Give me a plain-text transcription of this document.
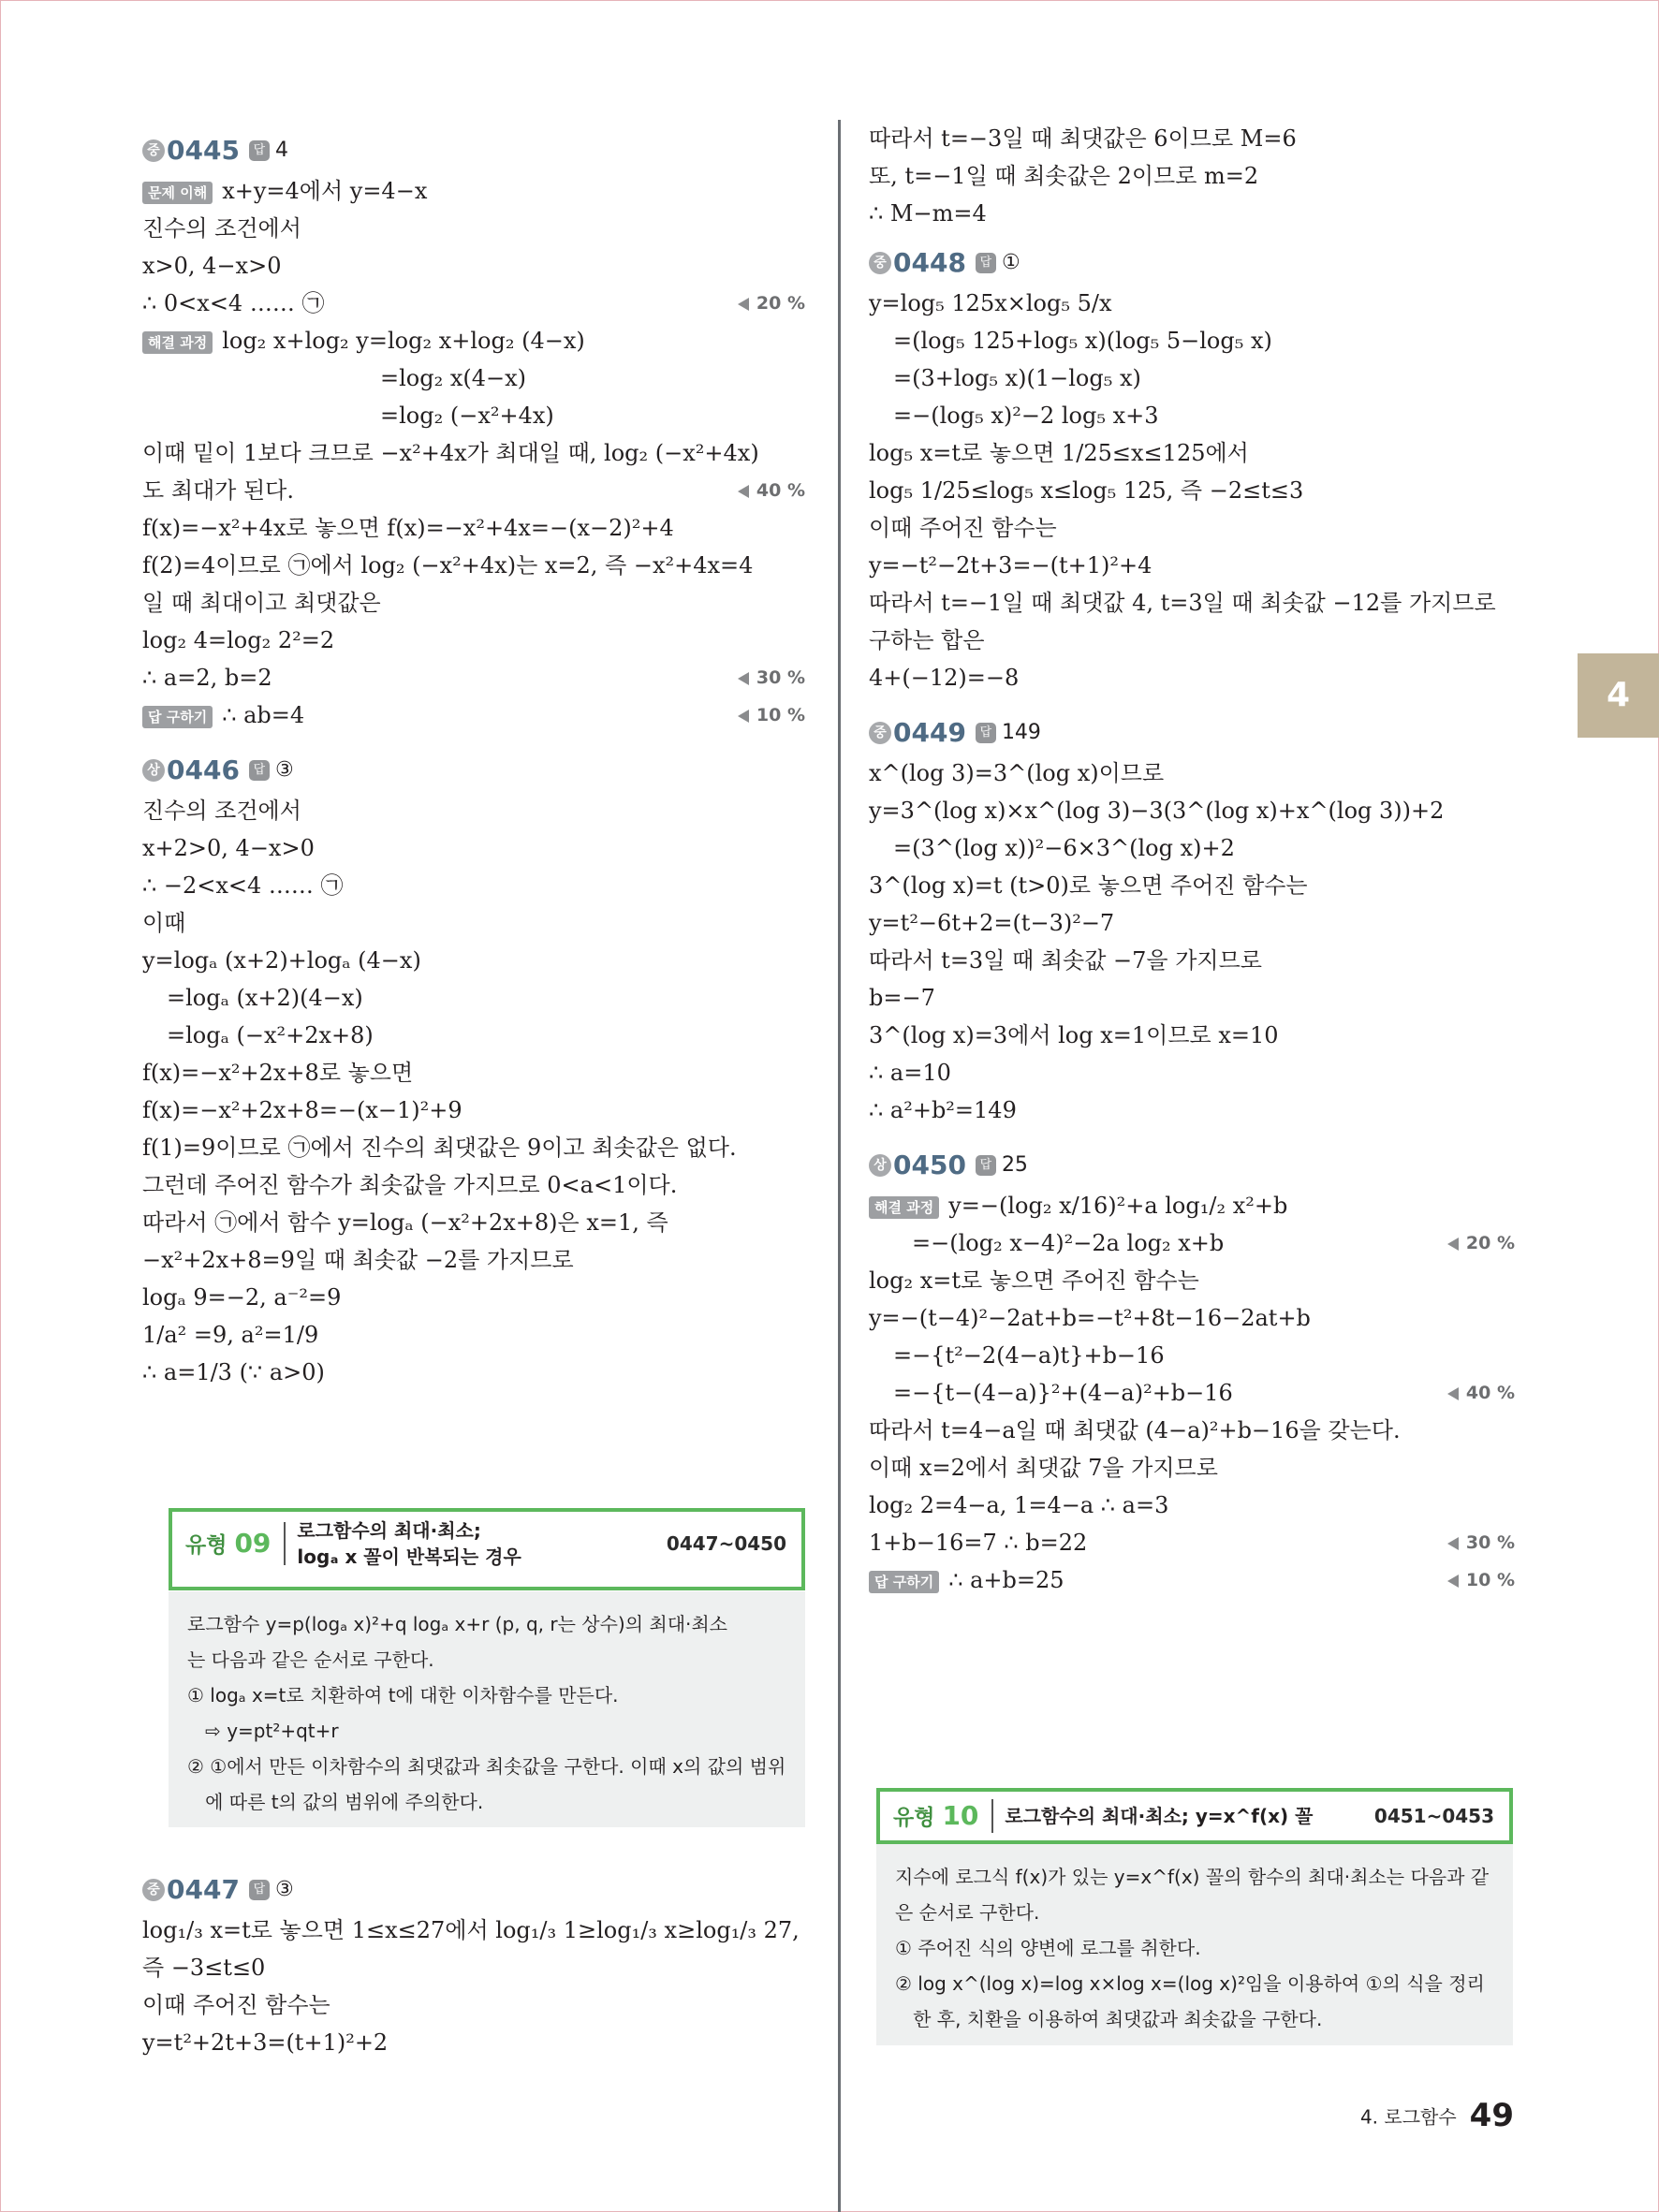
중 0445 답 4
문제 이해 x+y=4에서 y=4−x
진수의 조건에서
x>0, 4−x>0
∴ 0<x<4 …… ㉠	20 %
해결 과정 log₂ x+log₂ y=log₂ x+log₂ (4−x)
=log₂ x(4−x)
=log₂ (−x²+4x)
이때 밑이 1보다 크므로 −x²+4x가 최대일 때, log₂ (−x²+4x)
도 최대가 된다.	40 %
f(x)=−x²+4x로 놓으면 f(x)=−x²+4x=−(x−2)²+4
f(2)=4이므로 ㉠에서 log₂ (−x²+4x)는 x=2, 즉 −x²+4x=4
일 때 최대이고 최댓값은
log₂ 4=log₂ 2²=2
∴ a=2, b=2	30 %
답 구하기 ∴ ab=4	10 %
상 0446 답 ③
진수의 조건에서
x+2>0, 4−x>0
∴ −2<x<4 …… ㉠
이때
y=logₐ (x+2)+logₐ (4−x)
=logₐ (x+2)(4−x)
=logₐ (−x²+2x+8)
f(x)=−x²+2x+8로 놓으면
f(x)=−x²+2x+8=−(x−1)²+9
f(1)=9이므로 ㉠에서 진수의 최댓값은 9이고 최솟값은 없다.
그런데 주어진 함수가 최솟값을 가지므로 0<a<1이다.
따라서 ㉠에서 함수 y=logₐ (−x²+2x+8)은 x=1, 즉
−x²+2x+8=9일 때 최솟값 −2를 가지므로
logₐ 9=−2, a⁻²=9
1/a² =9, a²=1/9
∴ a=1/3 (∵ a>0)
유형 09	로그함수의 최대·최소;
logₐ x 꼴이 반복되는 경우
0447~0450
로그함수 y=p(logₐ x)²+q logₐ x+r (p, q, r는 상수)의 최대·최소
는 다음과 같은 순서로 구한다.
① logₐ x=t로 치환하여 t에 대한 이차함수를 만든다.
⇨ y=pt²+qt+r
② ①에서 만든 이차함수의 최댓값과 최솟값을 구한다. 이때 x의 값의 범위
에 따른 t의 값의 범위에 주의한다.
중 0447 답 ③
log₁/₃ x=t로 놓으면 1≤x≤27에서 log₁/₃ 1≥log₁/₃ x≥log₁/₃ 27,
즉 −3≤t≤0
이때 주어진 함수는
y=t²+2t+3=(t+1)²+2
따라서 t=−3일 때 최댓값은 6이므로 M=6
또, t=−1일 때 최솟값은 2이므로 m=2
∴ M−m=4
중 0448 답 ①
y=log₅ 125x×log₅ 5/x
=(log₅ 125+log₅ x)(log₅ 5−log₅ x)
=(3+log₅ x)(1−log₅ x)
=−(log₅ x)²−2 log₅ x+3
log₅ x=t로 놓으면 1/25≤x≤125에서
log₅ 1/25≤log₅ x≤log₅ 125, 즉 −2≤t≤3
이때 주어진 함수는
y=−t²−2t+3=−(t+1)²+4
따라서 t=−1일 때 최댓값 4, t=3일 때 최솟값 −12를 가지므로
구하는 합은
4+(−12)=−8
중 0449 답 149
x^(log 3)=3^(log x)이므로
y=3^(log x)×x^(log 3)−3(3^(log x)+x^(log 3))+2
=(3^(log x))²−6×3^(log x)+2
3^(log x)=t (t>0)로 놓으면 주어진 함수는
y=t²−6t+2=(t−3)²−7
따라서 t=3일 때 최솟값 −7을 가지므로
b=−7
3^(log x)=3에서 log x=1이므로 x=10
∴ a=10
∴ a²+b²=149
상 0450 답 25
해결 과정 y=−(log₂ x/16)²+a log₁/₂ x²+b
=−(log₂ x−4)²−2a log₂ x+b	20 %
log₂ x=t로 놓으면 주어진 함수는
y=−(t−4)²−2at+b=−t²+8t−16−2at+b
=−{t²−2(4−a)t}+b−16
=−{t−(4−a)}²+(4−a)²+b−16	40 %
따라서 t=4−a일 때 최댓값 (4−a)²+b−16을 갖는다.
이때 x=2에서 최댓값 7을 가지므로
log₂ 2=4−a, 1=4−a ∴ a=3
1+b−16=7 ∴ b=22	30 %
답 구하기 ∴ a+b=25	10 %
유형 10	로그함수의 최대·최소; y=x^f(x) 꼴	0451~0453
지수에 로그식 f(x)가 있는 y=x^f(x) 꼴의 함수의 최대·최소는 다음과 같
은 순서로 구한다.
① 주어진 식의 양변에 로그를 취한다.
② log x^(log x)=log x×log x=(log x)²임을 이용하여 ①의 식을 정리
한 후, 치환을 이용하여 최댓값과 최솟값을 구한다.
4
4. 로그함수 49
